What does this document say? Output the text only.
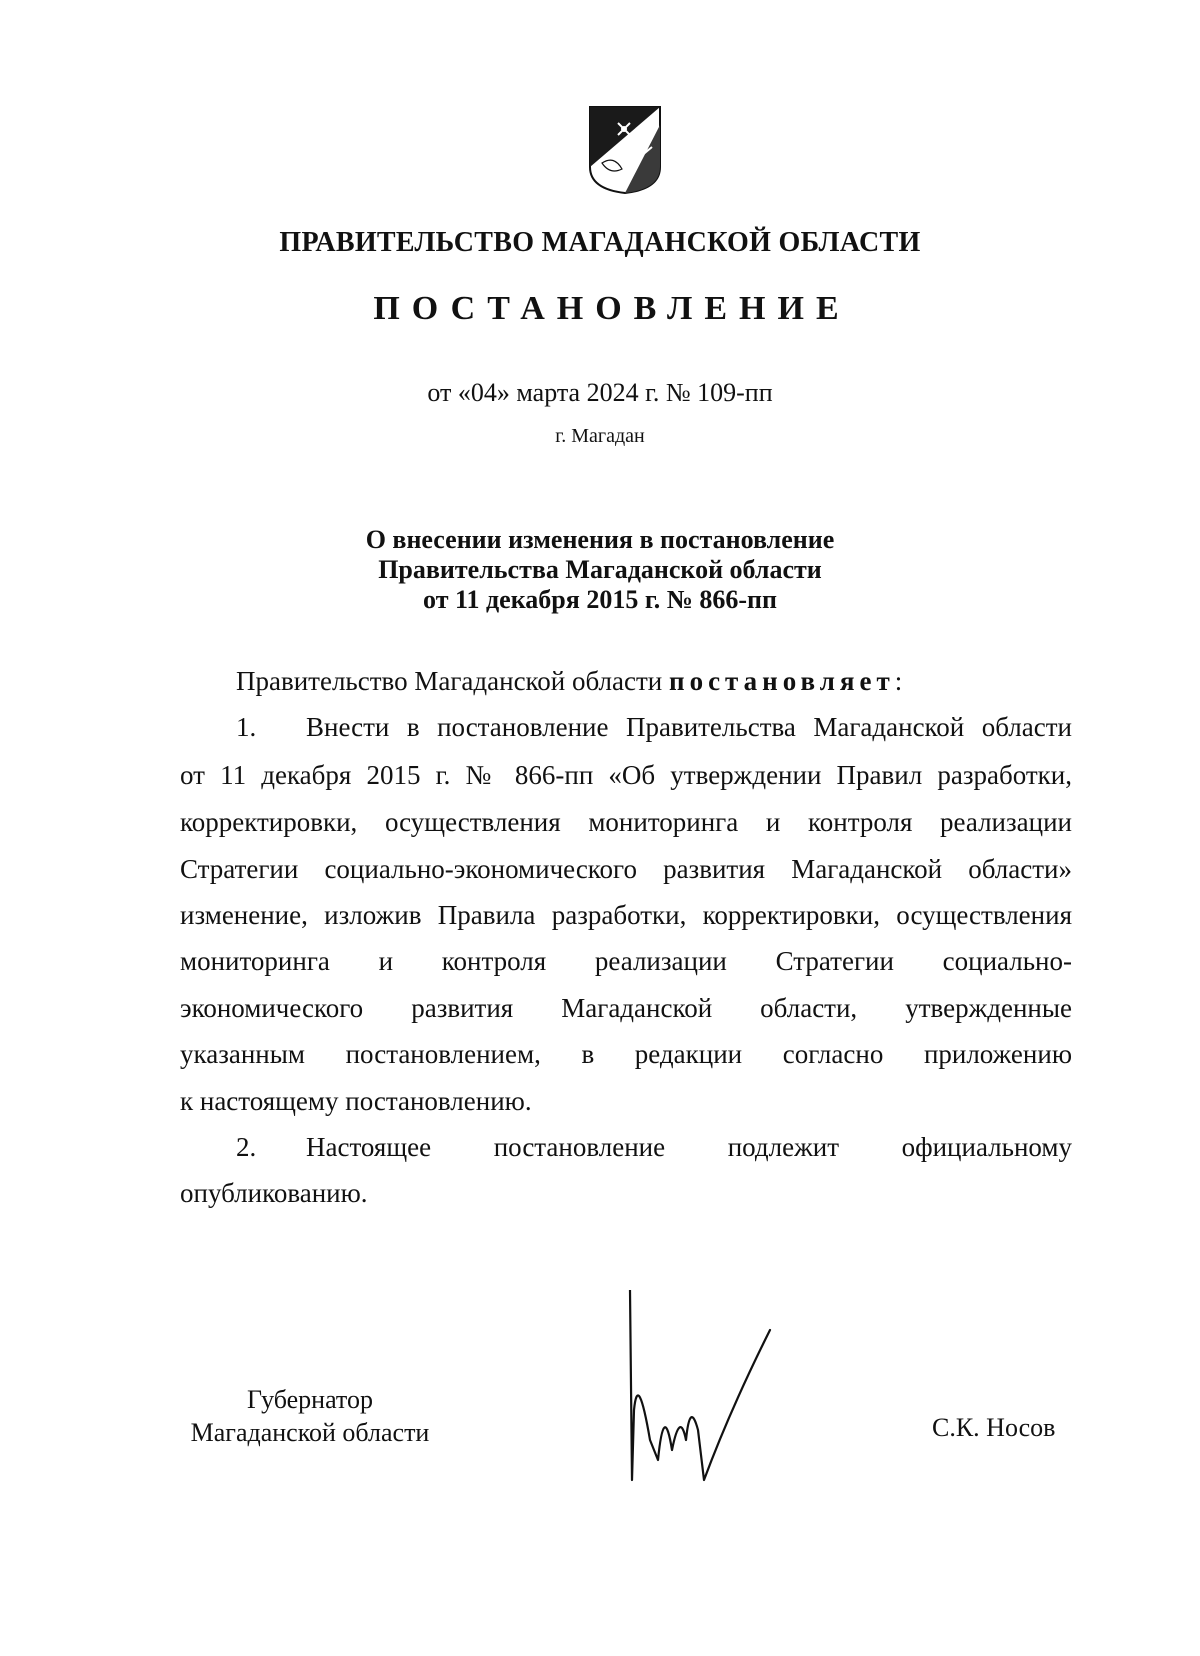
ПРАВИТЕЛЬСТВО МАГАДАНСКОЙ ОБЛАСТИ
ПОСТАНОВЛЕНИЕ
от «04» марта 2024 г. № 109-пп
г. Магадан
О внесении изменения в постановление
Правительства Магаданской области
от 11 декабря 2015 г. № 866-пп
Правительство Магаданской области постановляет:
1. Внести в постановление Правительства Магаданской области
от 11 декабря 2015 г. № 866-пп «Об утверждении Правил разработки,
корректировки, осуществления мониторинга и контроля реализации
Стратегии социально-экономического развития Магаданской области»
изменение, изложив Правила разработки, корректировки, осуществления
мониторинга и контроля реализации Стратегии социально-
экономического развития Магаданской области, утвержденные
указанным постановлением, в редакции согласно приложению
к настоящему постановлению.
2. Настоящее постановление подлежит официальному
опубликованию.
Губернатор
Магаданской области	С.К. Носов
